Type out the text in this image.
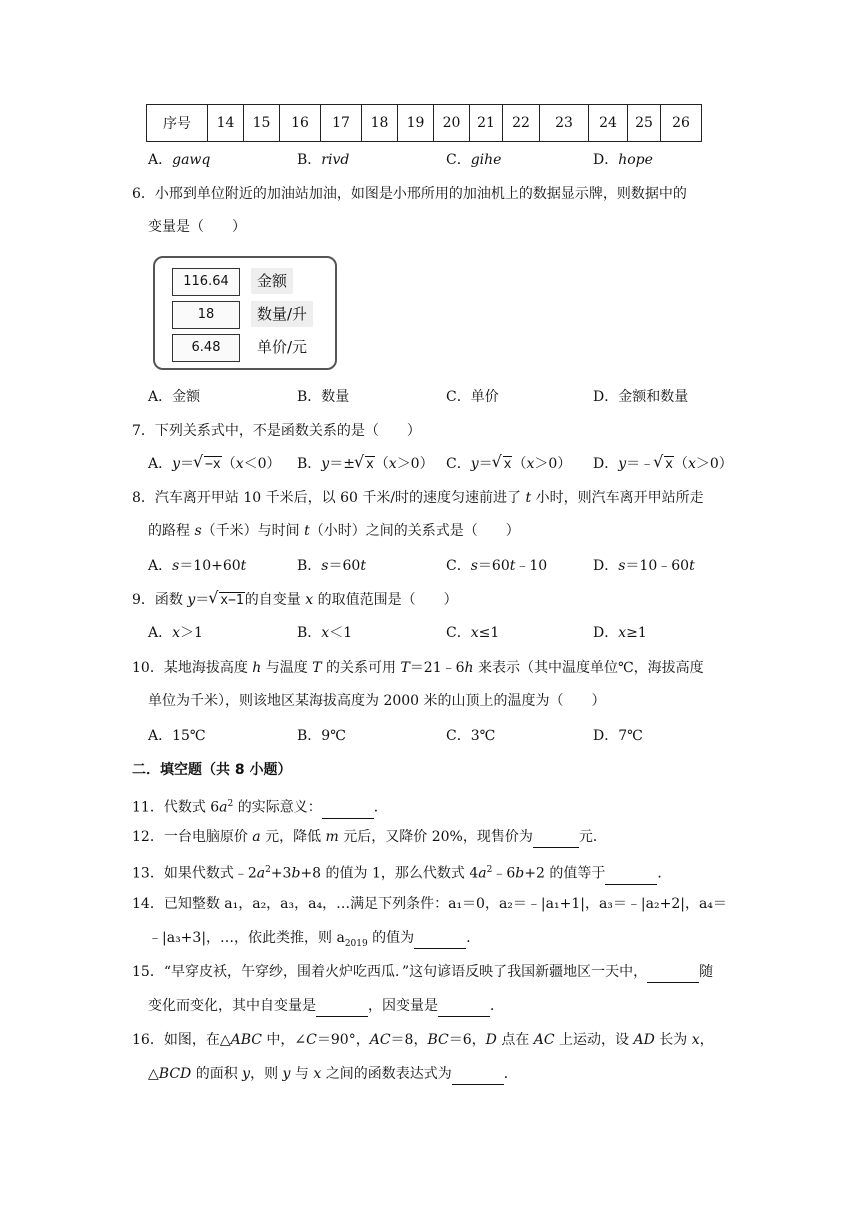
序号	14	15	16	17	18	19	20	21	22	23	24	25	26
A．gawq	B．rivd	C．gihe	D．hope
6．小邢到单位附近的加油站加油，如图是小邢所用的加油机上的数据显示牌，则数据中的
变量是（　　）
116.64	金额
18	数量/升
6.48	单价/元
A．金额	B．数量	C．单价	D．金额和数量
7．下列关系式中，不是函数关系的是（　　）
A．y＝ √ −x（x＜0） B．y＝± √ x（x＞0） C．y＝ √ x（x＞0） D．y＝﹣ √ x（x＞0）
8．汽车离开甲站 10 千米后，以 60 千米/时的速度匀速前进了 t 小时，则汽车离开甲站所走
的路程 s（千米）与时间 t（小时）之间的关系式是（　　）
A．s＝10+60t	B．s＝60t	C．s＝60t﹣10	D．s＝10﹣60t
9．函数 y＝ √ x−1的自变量 x 的取值范围是（　　）
A．x＞1	B．x＜1	C．x≤1	D．x≥1
10．某地海拔高度 h 与温度 T 的关系可用 T＝21﹣6h 来表示（其中温度单位℃，海拔高度
单位为千米），则该地区某海拔高度为 2000 米的山顶上的温度为（　　）
A．15℃	B．9℃	C．3℃	D．7℃
二．填空题（共 8 小题）
11．代数式 $6a^2$ 的实际意义：	．
12．一台电脑原价 a 元，降低 m 元后，又降价 20%，现售价为	元．
13．如果代数式$﹣2a^2+3b+8$ 的值为 1，那么代数式 $4a^2﹣6b+2$ 的值等于	．
14．已知整数 a₁，a₂，a₃，a₄，…满足下列条件：a₁＝0，a₂＝﹣|a₁+1|，a₃＝﹣|a₂+2|，a₄＝
﹣|a₃+3|，…，依此类推，则 $a_{2019}$ 的值为	．
15．“早穿皮袄，午穿纱，围着火炉吃西瓜．”这句谚语反映了我国新疆地区一天中，	随
变化而变化，其中自变量是	，因变量是	．
16．如图，在△ABC 中，∠C＝90°，AC＝8，BC＝6，D 点在 AC 上运动，设 AD 长为 x，
△BCD 的面积 y，则 y 与 x 之间的函数表达式为	．
